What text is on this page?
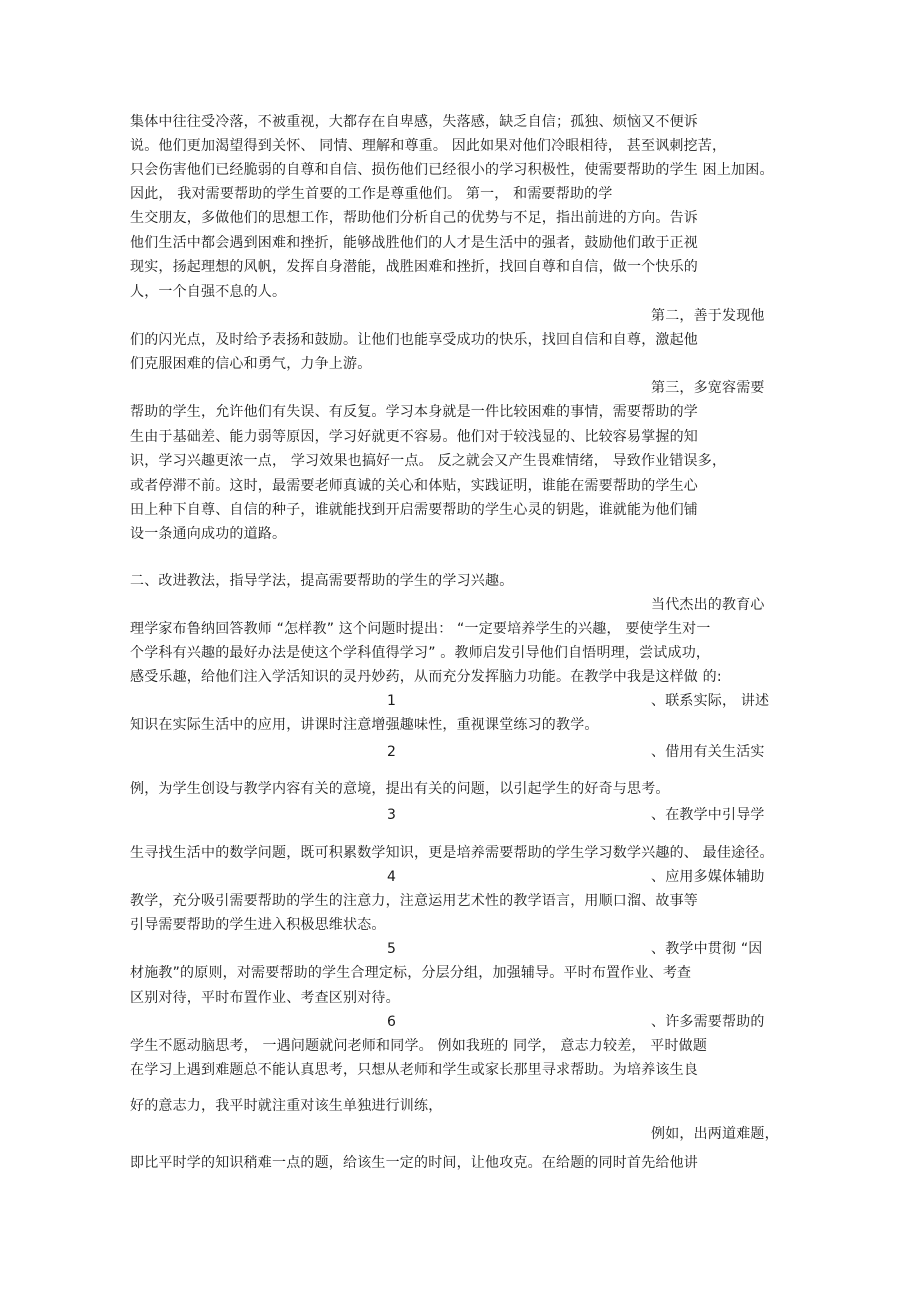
集体中往往受冷落，不被重视，大都存在自卑感，失落感，缺乏自信；孤独、烦恼又不便诉
说。他们更加渴望得到关怀、 同情、理解和尊重。 因此如果对他们冷眼相待， 甚至讽刺挖苦，
只会伤害他们已经脆弱的自尊和自信、损伤他们已经很小的学习积极性，使需要帮助的学生 困上加困。
因此， 我对需要帮助的学生首要的工作是尊重他们。 第一， 和需要帮助的学
生交朋友，多做他们的思想工作，帮助他们分析自己的优势与不足，指出前进的方向。告诉
他们生活中都会遇到困难和挫折，能够战胜他们的人才是生活中的强者，鼓励他们敢于正视
现实，扬起理想的风帆，发挥自身潜能，战胜困难和挫折，找回自尊和自信，做一个快乐的
人，一个自强不息的人。
第二，善于发现他
们的闪光点，及时给予表扬和鼓励。让他们也能享受成功的快乐，找回自信和自尊，激起他
们克服困难的信心和勇气，力争上游。
第三，多宽容需要
帮助的学生，允许他们有失误、有反复。学习本身就是一件比较困难的事情，需要帮助的学
生由于基础差、能力弱等原因，学习好就更不容易。他们对于较浅显的、比较容易掌握的知
识，学习兴趣更浓一点， 学习效果也搞好一点。 反之就会又产生畏难情绪， 导致作业错误多，
或者停滞不前。这时，最需要老师真诚的关心和体贴，实践证明，谁能在需要帮助的学生心
田上种下自尊、自信的种子，谁就能找到开启需要帮助的学生心灵的钥匙，谁就能为他们铺
设一条通向成功的道路。
二、改进教法，指导学法，提高需要帮助的学生的学习兴趣。
当代杰出的教育心
理学家布鲁纳回答教师 “怎样教” 这个问题时提出： “一定要培养学生的兴趣， 要使学生对一
个学科有兴趣的最好办法是使这个学科值得学习” 。教师启发引导他们自悟明理，尝试成功，
感受乐趣，给他们注入学活知识的灵丹妙药，从而充分发挥脑力功能。在教学中我是这样做 的:
1	、联系实际， 讲述
知识在实际生活中的应用，讲课时注意增强趣味性，重视课堂练习的教学。
2	、借用有关生活实
例，为学生创设与教学内容有关的意境，提出有关的问题，以引起学生的好奇与思考。
3	、在教学中引导学
生寻找生活中的数学问题，既可积累数学知识，更是培养需要帮助的学生学习数学兴趣的、 最佳途径。
4	、应用多媒体辅助
教学，充分吸引需要帮助的学生的注意力，注意运用艺术性的教学语言，用顺口溜、故事等
引导需要帮助的学生进入积极思维状态。
5	、教学中贯彻 “因
材施教”的原则，对需要帮助的学生合理定标，分层分组，加强辅导。平时布置作业、考查
区别对待，平时布置作业、考查区别对待。
6	、许多需要帮助的
学生不愿动脑思考， 一遇问题就问老师和同学。 例如我班的 同学， 意志力较差， 平时做题
在学习上遇到难题总不能认真思考，只想从老师和学生或家长那里寻求帮助。为培养该生良
好的意志力，我平时就注重对该生单独进行训练，
例如，出两道难题，
即比平时学的知识稍难一点的题，给该生一定的时间，让他攻克。在给题的同时首先给他讲
